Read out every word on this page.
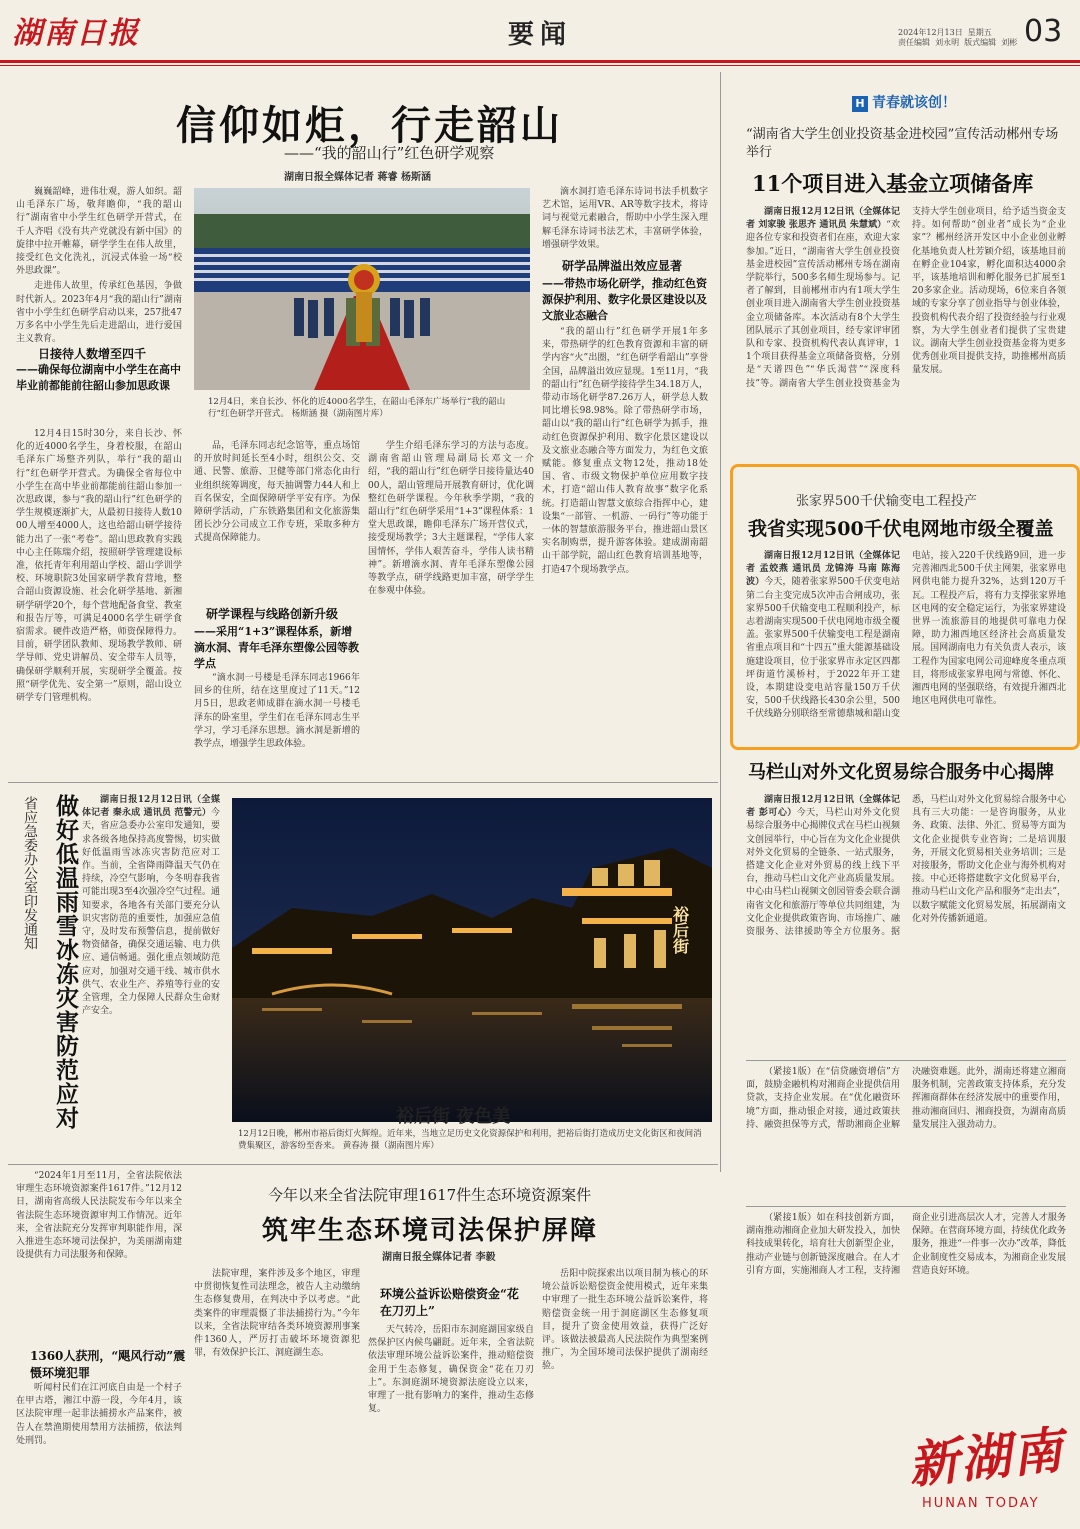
湖南日报	要闻	2024年12月13日  星期五
责任编辑  刘永明  版式编辑  刘彬 03
信仰如炬，行走韶山
——“我的韶山行”红色研学观察
湖南日报全媒体记者 蒋睿 杨斯涵

巍巍韶峰，进伟壮观，游人如织。韶山毛泽东广场，敬拜瞻仰，“我的韶山行”湖南省中小学生红色研学开营式，在千人齐唱《没有共产党就没有新中国》的旋律中拉开帷幕，研学学生在伟人故里，接受红色文化洗礼，沉浸式体验一场“校外思政课”。

走进伟人故里，传承红色基因，争做时代新人。2023年4月“我的韶山行”湖南省中小学生红色研学启动以来，257批47万多名中小学生先后走进韶山，进行爱国主义教育。

日接待人数增至四千
——确保每位湖南中小学生在高中毕业前都能前往韶山参加思政课

12月4日15时30分，来自长沙、怀化的近4000名学生，身着校服，在韶山毛泽东广场整齐列队，举行“我的韶山行”红色研学开营式。为确保全省每位中小学生在高中毕业前都能前往韶山参加一次思政课，参与“我的韶山行”红色研学的学生规模逐渐扩大，从最初日接待人数1000人增至4000人，这也给韶山研学接待能力出了一张“考卷”。韶山思政教育实践中心主任陈瑞介绍，按照研学管理建设标准，依托青年利用韶山学校、韶山学训学校、环境职院3处国家研学教育营地，整合韶山资源设施、社会化研学基地、新湘研学研学20个，每个营地配备食堂、教室和报告厅等，可满足4000名学生研学食宿需求。硬件改造严格，师资保障得力。目前，研学团队教师、现场教学教师、研学导师、党史讲解员、安全带车人员等，确保研学顺利开展，实现研学全覆盖。按照“研学优先、安全第一”原则，韶山设立研学专门管理机构。

12月4日，来自长沙、怀化的近4000名学生，在韶山毛泽东广场举行“我的韶山行”红色研学开营式。 杨斯涵 摄（湖南图片库）

品，毛泽东同志纪念馆等，重点场馆的开放时间延长至4小时，组织公交、交通、民警、旅游、卫健等部门常态化由行业组织统筹调度，每天抽调警力44人和上百名保安，全面保障研学平安有序。为保障研学活动，广东铁路集团和文化旅游集团长沙分公司成立工作专班，采取多种方式提高保障能力。

研学课程与线路创新升级
——采用“1+3”课程体系，新增滴水洞、青年毛泽东塑像公园等教学点

“滴水洞一号楼是毛泽东同志1966年回乡的住所，结在这里度过了11天。”12月5日，思政老师成群在滴水洞一号楼毛泽东的卧室里，学生们在毛泽东同志生平学习，学习毛泽东思想。滴水洞是新增的教学点，增强学生思政体验。

学生介绍毛泽东学习的方法与态度。湖南省韶山管理局副局长邓文一介绍，“我的韶山行”红色研学日接待量达4000人，韶山管理局开展教育研讨，优化调整红色研学课程。今年秋季学期，“我的韶山行”红色研学采用“1+3”课程体系：1堂大思政课，瞻仰毛泽东广场开营仪式，接受现场教学；3大主题课程，“学伟人家国情怀，学伟人艰苦奋斗，学伟人读书精神”。新增滴水洞、青年毛泽东塑像公园等教学点，研学线路更加丰富，研学学生在参观中体验。

滴水洞打造毛泽东诗词书法手机数字艺术馆，运用VR、AR等数字技术，将诗词与视觉元素融合，帮助中小学生深入理解毛泽东诗词书法艺术，丰富研学体验，增强研学效果。

研学品牌溢出效应显著
——带热市场化研学，推动红色资源保护利用、数字化景区建设以及文旅业态融合

“我的韶山行”红色研学开展1年多来，带热研学的红色教育资源和丰富的研学内容“火”出圈，“红色研学看韶山”享誉全国，品牌溢出效应显现。1至11月，“我的韶山行”红色研学接待学生34.18万人，带动市场化研学87.26万人，研学总人数同比增长98.98%。除了带热研学市场，韶山以“我的韶山行”红色研学为抓手，推动红色资源保护利用、数字化景区建设以及文旅业态融合等方面发力，为红色文旅赋能。修复重点文物12处，推动18处国、省、市级文物保护单位应用数字技术，打造“韶山伟人教育故事”数字化系统。打造韶山智慧文旅综合指挥中心，建设集“一部管、一机游、一码行”等功能于一体的智慧旅游服务平台，推进韶山景区实名制购票，提升游客体验。建成湖南韶山干部学院，韶山红色教育培训基地等，打造47个现场教学点。

H 青春就该创！
“湖南省大学生创业投资基金进校园”宣传活动郴州专场举行
11个项目进入基金立项储备库

湖南日报12月12日讯（全媒体记者 刘家骏 张思齐 通讯员 朱慧斌）“欢迎各位专家和投资者们在座，欢迎大家参加。”近日，“湖南省大学生创业投资基金进校园”宣传活动郴州专场在湖南学院举行，500多名师生现场参与。记者了解到，目前郴州市内有1项大学生创业项目进入湖南省大学生创业投资基金立项储备库。本次活动有8个大学生团队展示了其创业项目，经专家评审团队和专家、投资机构代表认真评审，11个项目获得基金立项储备资格，分别是“天谱四色”“华氏渴营”“深度科技”等。湖南省大学生创业投资基金为支持大学生创业项目，给予适当资金支持。如何帮助“创业者”成长为“企业家”？郴州经济开发区中小企业创业孵化基地负责人杜芳颖介绍，该基地目前在孵企业104家，孵化面积达4000余平，该基地培训和孵化服务已扩展至120多家企业。活动现场，6位来自各领域的专家分享了创业指导与创业体验，投资机构代表介绍了投资经验与行业观察，为大学生创业者们提供了宝贵建议。湖南大学生创业投资基金将为更多优秀创业项目提供支持，助推郴州高质量发展。

张家界500千伏输变电工程投产
我省实现500千伏电网地市级全覆盖

湖南日报12月12日讯（全媒体记者 孟姣燕 通讯员 龙锦涛 马南 陈海波）今天，随着张家界500千伏变电站第二台主变完成5次冲击合闸成功，张家界500千伏输变电工程顺利投产，标志着湖南实现500千伏电网地市级全覆盖。张家界500千伏输变电工程是湖南省重点项目和“十四五”重大能源基础设施建设项目，位于张家界市永定区四都坪街道竹溪桥村，于2022年开工建设，本期建设变电站容量150万千伏安，500千伏线路长430余公里，500千伏线路分别联络至常德鼎城和韶山变电站，接入220千伏线路9回，进一步完善湘西北500千伏主网架，张家界电网供电能力提升32%，达到120万千瓦。工程投产后，将有力支撑张家界地区电网的安全稳定运行，为张家界建设世界一流旅游目的地提供可靠电力保障，助力湘西地区经济社会高质量发展。国网湖南电力有关负责人表示，该工程作为国家电网公司迎峰度冬重点项目，将形成张家界电网与常德、怀化、湘西电网的坚强联络，有效提升湘西北地区电网供电可靠性。

马栏山对外文化贸易综合服务中心揭牌

湖南日报12月12日讯（全媒体记者 彭可心）今天，马栏山对外文化贸易综合服务中心揭牌仪式在马栏山视频文创园举行，中心旨在为文化企业提供对外文化贸易的全链条、一站式服务，搭建文化企业对外贸易的线上线下平台，推动马栏山文化产业高质量发展。中心由马栏山视频文创园管委会联合湖南省文化和旅游厅等单位共同组建，为文化企业提供政策咨询、市场推广、融资服务、法律援助等全方位服务。据悉，马栏山对外文化贸易综合服务中心具有三大功能：一是咨询服务，从业务、政策、法律、外汇、贸易等方面为文化企业提供专业咨询；二是培训服务，开展文化贸易相关业务培训；三是对接服务，帮助文化企业与海外机构对接。中心还将搭建数字文化贸易平台，推动马栏山文化产品和服务“走出去”，以数字赋能文化贸易发展，拓展湖南文化对外传播新通道。

（紧接1版）在“信贷融资增信”方面，鼓励金融机构对湘商企业提供信用贷款，支持企业发展。在“优化融资环境”方面，推动银企对接，通过政策扶持、融资担保等方式，帮助湘商企业解决融资难题。此外，湖南还将建立湘商服务机制，完善政策支持体系，充分发挥湘商群体在经济发展中的重要作用，推动湘商回归、湘商投资，为湖南高质量发展注入强劲动力。

（紧接1版）如在科技创新方面，湖南推动湘商企业加大研发投入，加快科技成果转化，培育壮大创新型企业，推动产业链与创新链深度融合。在人才引育方面，实施湘商人才工程，支持湘商企业引进高层次人才，完善人才服务保障。在营商环境方面，持续优化政务服务，推进“一件事一次办”改革，降低企业制度性交易成本，为湘商企业发展营造良好环境。

省应急委办公室印发通知 做好低温雨雪冰冻灾害防范应对	湖南日报12月12日讯（全媒体记者 秦永成 通讯员 范警元）今天，省应急委办公室印发通知，要求各级各地保持高度警惕，切实做好低温雨雪冰冻灾害防范应对工作。当前，全省降雨降温天气仍在持续，冷空气影响，今冬明春我省可能出现3至4次强冷空气过程。通知要求，各地各有关部门要充分认识灾害防范的重要性，加强应急值守，及时发布预警信息，提前做好物资储备，确保交通运输、电力供应、通信畅通。强化重点领域防范应对，加强对交通干线、城市供水供气、农业生产、养殖等行业的安全管理，全力保障人民群众生命财产安全。

裕后街
裕后街 夜色美
12月12日晚，郴州市裕后街灯火辉煌。近年来，当地立足历史文化资源保护和利用，把裕后街打造成历史文化街区和夜间消费集聚区，游客纷至沓来。 黄春涛 摄（湖南图片库）

“2024年1月至11月，全省法院依法审理生态环境资源案件1617件。”12月12日，湖南省高级人民法院发布今年以来全省法院生态环境资源审判工作情况。近年来，全省法院充分发挥审判职能作用，深入推进生态环境司法保护，为美丽湖南建设提供有力司法服务和保障。

今年以来全省法院审理1617件生态环境资源案件
筑牢生态环境司法保护屏障
湖南日报全媒体记者 李毅
1360人获刑，“飓风行动”震慑环境犯罪

听闻村民们在江河底自由是一个村子在甲古塔，湘江中游一段，今年4月，该区法院审理一起非法捕捞水产品案件，被告人在禁渔期使用禁用方法捕捞，依法判处刑罚。

法院审理，案件涉及多个地区，审理中贯彻恢复性司法理念，被告人主动缴纳生态修复费用，在判决中予以考虑。“此类案件的审理震慑了非法捕捞行为。”今年以来，全省法院审结各类环境资源刑事案件1360人，严厉打击破坏环境资源犯罪，有效保护长江、洞庭湖生态。

环境公益诉讼赔偿资金“花在刀刃上”

天气转冷，岳阳市东洞庭湖国家级自然保护区内候鸟翩跹。近年来，全省法院依法审理环境公益诉讼案件，推动赔偿资金用于生态修复，确保资金“花在刀刃上”。东洞庭湖环境资源法庭设立以来，审理了一批有影响力的案件，推动生态修复。

岳阳中院探索出以项目制为核心的环境公益诉讼赔偿资金使用模式，近年来集中审理了一批生态环境公益诉讼案件，将赔偿资金统一用于洞庭湖区生态修复项目，提升了资金使用效益，获得广泛好评。该做法被最高人民法院作为典型案例推广，为全国环境司法保护提供了湖南经验。

新湖南
HUNAN TODAY
